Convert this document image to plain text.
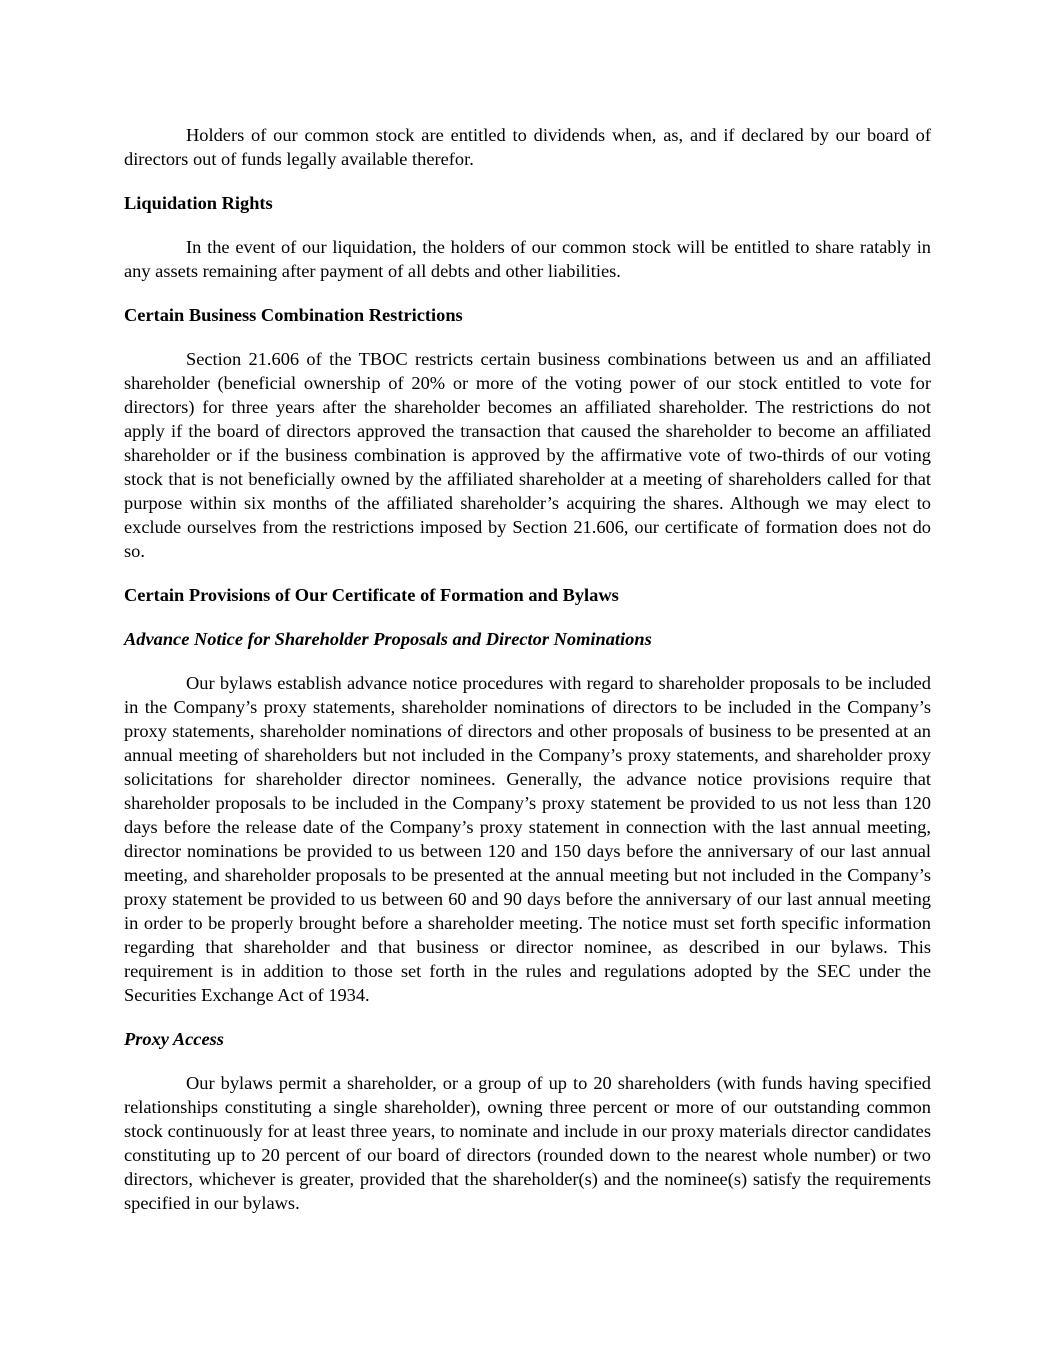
Holders of our common stock are entitled to dividends when, as, and if declared by our board of directors out of funds legally available therefor.

Liquidation Rights

In the event of our liquidation, the holders of our common stock will be entitled to share ratably in any assets remaining after payment of all debts and other liabilities.

Certain Business Combination Restrictions

Section 21.606 of the TBOC restricts certain business combinations between us and an affiliated shareholder (beneficial ownership of 20% or more of the voting power of our stock entitled to vote for directors) for three years after the shareholder becomes an affiliated shareholder. The restrictions do not apply if the board of directors approved the transaction that caused the shareholder to become an affiliated shareholder or if the business combination is approved by the affirmative vote of two-thirds of our voting stock that is not beneficially owned by the affiliated shareholder at a meeting of shareholders called for that purpose within six months of the affiliated shareholder’s acquiring the shares. Although we may elect to exclude ourselves from the restrictions imposed by Section 21.606, our certificate of formation does not do so.

Certain Provisions of Our Certificate of Formation and Bylaws
Advance Notice for Shareholder Proposals and Director Nominations

Our bylaws establish advance notice procedures with regard to shareholder proposals to be included in the Company’s proxy statements, shareholder nominations of directors to be included in the Company’s proxy statements, shareholder nominations of directors and other proposals of business to be presented at an annual meeting of shareholders but not included in the Company’s proxy statements, and shareholder proxy solicitations for shareholder director nominees. Generally, the advance notice provisions require that shareholder proposals to be included in the Company’s proxy statement be provided to us not less than 120 days before the release date of the Company’s proxy statement in connection with the last annual meeting, director nominations be provided to us between 120 and 150 days before the anniversary of our last annual meeting, and shareholder proposals to be presented at the annual meeting but not included in the Company’s proxy statement be provided to us between 60 and 90 days before the anniversary of our last annual meeting in order to be properly brought before a shareholder meeting. The notice must set forth specific information regarding that shareholder and that business or director nominee, as described in our bylaws. This requirement is in addition to those set forth in the rules and regulations adopted by the SEC under the Securities Exchange Act of 1934.

Proxy Access

Our bylaws permit a shareholder, or a group of up to 20 shareholders (with funds having specified relationships constituting a single shareholder), owning three percent or more of our outstanding common stock continuously for at least three years, to nominate and include in our proxy materials director candidates constituting up to 20 percent of our board of directors (rounded down to the nearest whole number) or two directors, whichever is greater, provided that the shareholder(s) and the nominee(s) satisfy the requirements specified in our bylaws.
